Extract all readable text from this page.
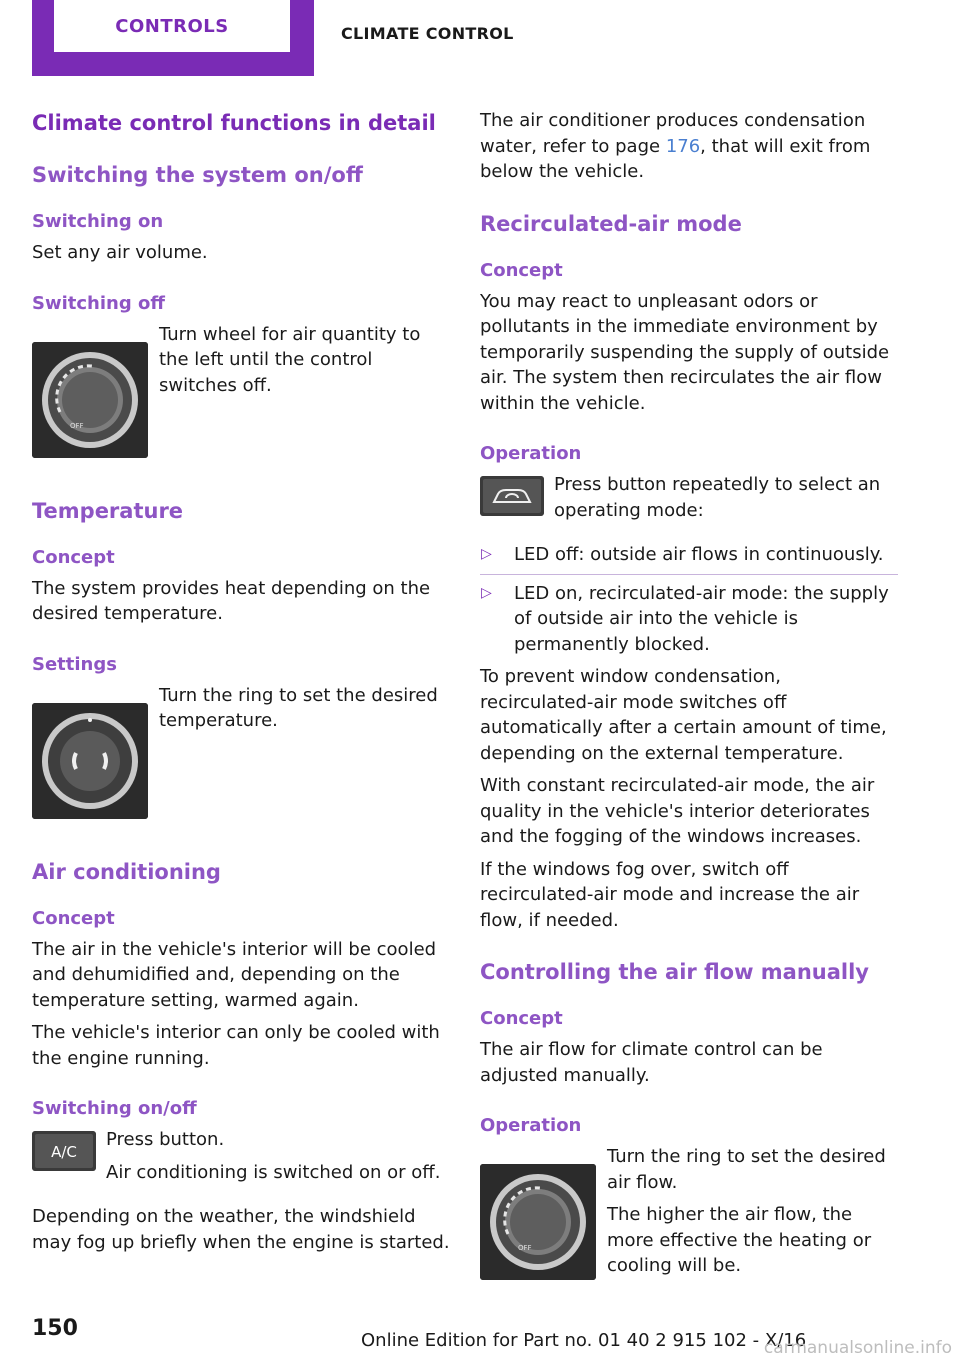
CONTROLS	CLIMATE CONTROL
Climate control functions in detail
Switching the system on/off
Switching on

Set any air volume.

Switching off
OFF

Turn wheel for air quantity to the left until the control switches off.

Temperature
Concept

The system provides heat depending on the desired temperature.

Settings

Turn the ring to set the desired temperature.

Air conditioning
Concept

The air in the vehicle's interior will be cooled and dehumidified and, depending on the temperature setting, warmed again.

The vehicle's interior can only be cooled with the engine running.

Switching on/off
A/C

Press button.

Air conditioning is switched on or off.

Depending on the weather, the windshield may fog up briefly when the engine is started.

The air conditioner produces condensation water, refer to page 176, that will exit from below the vehicle.

Recirculated-air mode
Concept

You may react to unpleasant odors or pollutants in the immediate environment by temporarily suspending the supply of outside air. The system then recirculates the air flow within the vehicle.

Operation

Press button repeatedly to select an operating mode:

▷	LED off: outside air flows in continuously.
▷	LED on, recirculated-air mode: the supply of outside air into the vehicle is permanently blocked.

To prevent window condensation, recirculated-air mode switches off automatically after a certain amount of time, depending on the external temperature.

With constant recirculated-air mode, the air quality in the vehicle's interior deteriorates and the fogging of the windows increases.

If the windows fog over, switch off recirculated-air mode and increase the air flow, if needed.

Controlling the air flow manually
Concept

The air flow for climate control can be adjusted manually.

Operation
OFF

Turn the ring to set the desired air flow.

The higher the air flow, the more effective the heating or cooling will be.

150	Online Edition for Part no. 01 40 2 915 102 - X/16
carmanualsonline.info
